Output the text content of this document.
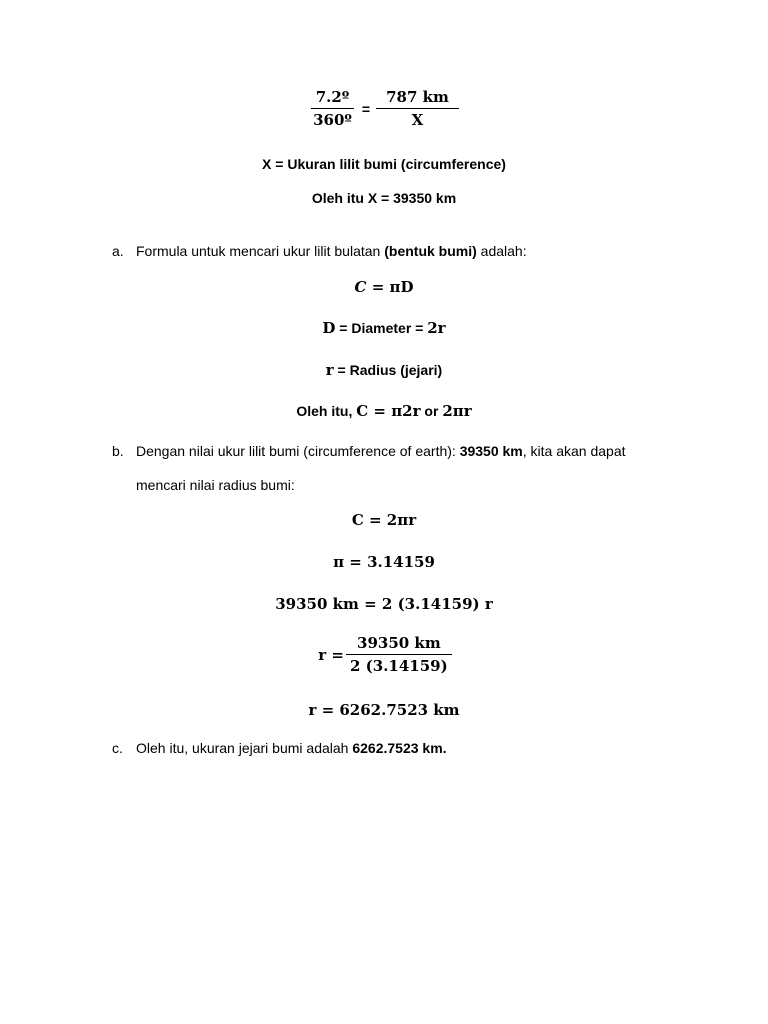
$\frac{\text{7.2º}}{\text{360º}} = \frac{787 km}{X}$
X = Ukuran lilit bumi (circumference)
Oleh itu X = 39350 km
a. Formula untuk mencari ukur lilit bulatan (bentuk bumi) adalah:
C = πD
D = Diameter = 2r
r = Radius (jejari)
Oleh itu, C = π2r or 2πr
b. Dengan nilai ukur lilit bumi (circumference of earth): 39350 km, kita akan dapat
mencari nilai radius bumi:
C = 2πr
π = 3.14159
39350 km = 2 (3.14159) r
$r = \frac{39350 km}{2 (3.14159)}$
r = 6262.7523 km
c. Oleh itu, ukuran jejari bumi adalah 6262.7523 km.
